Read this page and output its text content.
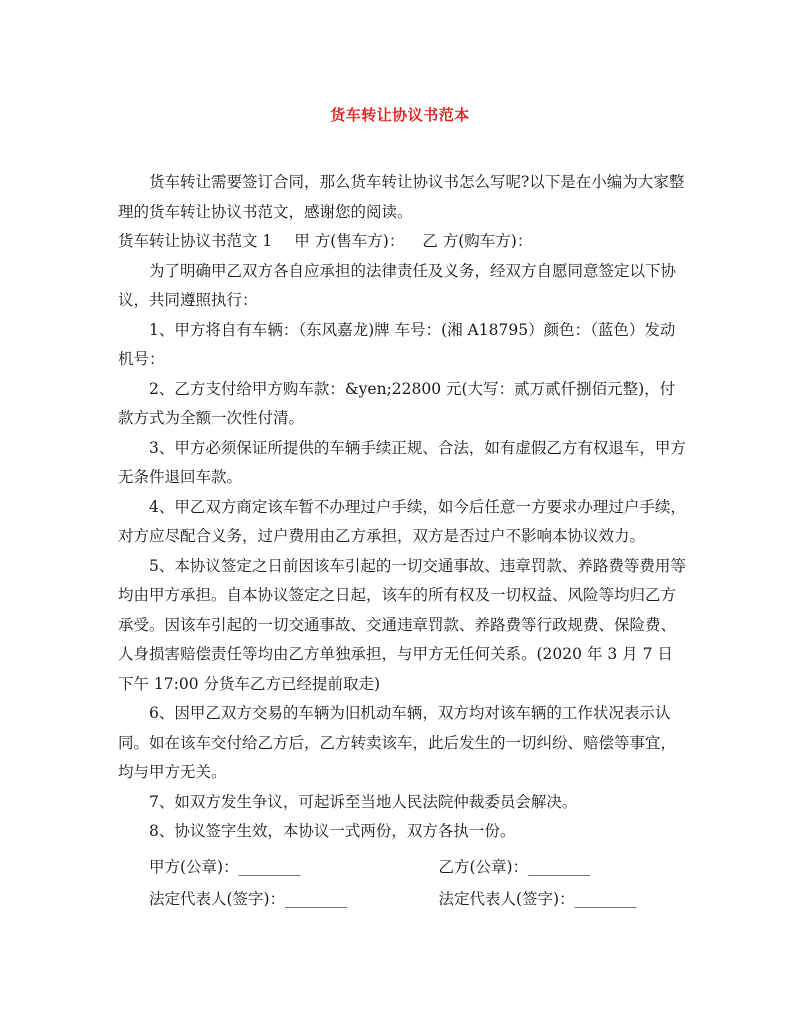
货车转让协议书范本

货车转让需要签订合同，那么货车转让协议书怎么写呢?以下是在小编为大家整理的货车转让协议书范文，感谢您的阅读。

货车转让协议书范文 1 甲 方(售车方)： 乙 方(购车方)：

为了明确甲乙双方各自应承担的法律责任及义务，经双方自愿同意签定以下协议，共同遵照执行：

1、甲方将自有车辆：（东风嘉龙)牌 车号：(湘 A18795）颜色：（蓝色）发动机号：

2、乙方支付给甲方购车款：&yen;22800 元(大写：贰万贰仟捌佰元整)，付款方式为全额一次性付清。

3、甲方必须保证所提供的车辆手续正规、合法，如有虚假乙方有权退车，甲方无条件退回车款。

4、甲乙双方商定该车暂不办理过户手续，如今后任意一方要求办理过户手续，对方应尽配合义务，过户费用由乙方承担，双方是否过户不影响本协议效力。

5、本协议签定之日前因该车引起的一切交通事故、违章罚款、养路费等费用等均由甲方承担。自本协议签定之日起，该车的所有权及一切权益、风险等均归乙方承受。因该车引起的一切交通事故、交通违章罚款、养路费等行政规费、保险费、人身损害赔偿责任等均由乙方单独承担，与甲方无任何关系。(2020 年 3 月 7 日下午 17:00 分货车乙方已经提前取走)

6、因甲乙双方交易的车辆为旧机动车辆，双方均对该车辆的工作状况表示认同。如在该车交付给乙方后，乙方转卖该车，此后发生的一切纠纷、赔偿等事宜，均与甲方无关。

7、如双方发生争议，可起诉至当地人民法院仲裁委员会解决。

8、协议签字生效，本协议一式两份，双方各执一份。

甲方(公章)：________	乙方(公章)：________
法定代表人(签字)：________	法定代表人(签字)：________
